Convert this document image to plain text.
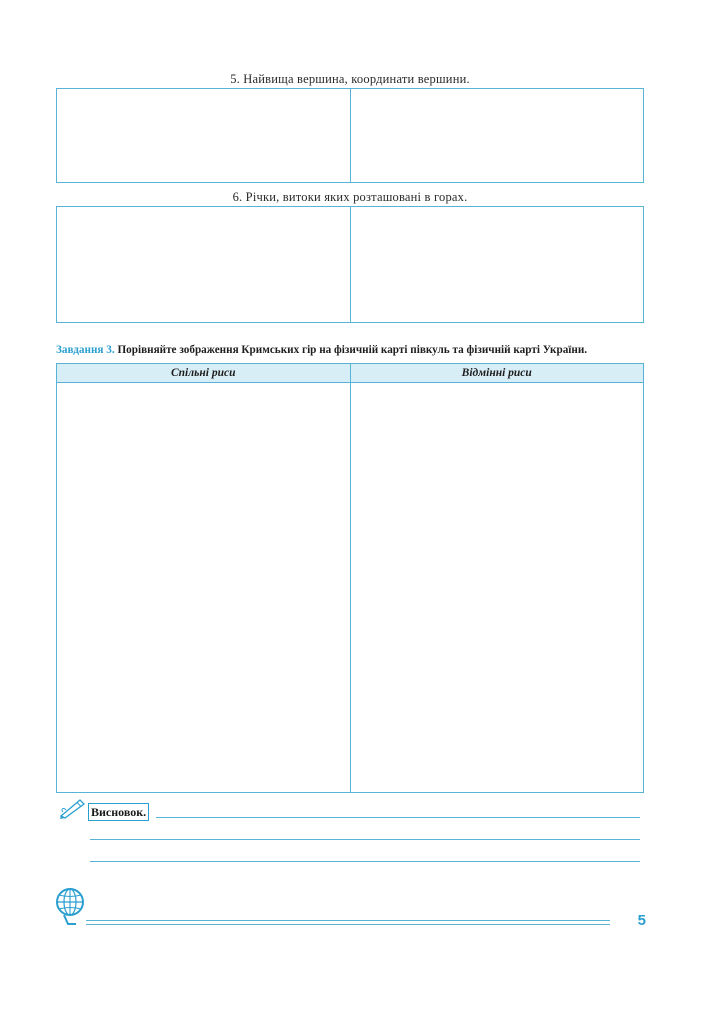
5. Найвища вершина, координати вершини.
6. Річки, витоки яких розташовані в горах.
Завдання 3. Порівняйте зображення Кримських гір на фізичній карті півкуль та фізичній карті України.
Спільні риси	Відмінні риси
Висновок.
5
